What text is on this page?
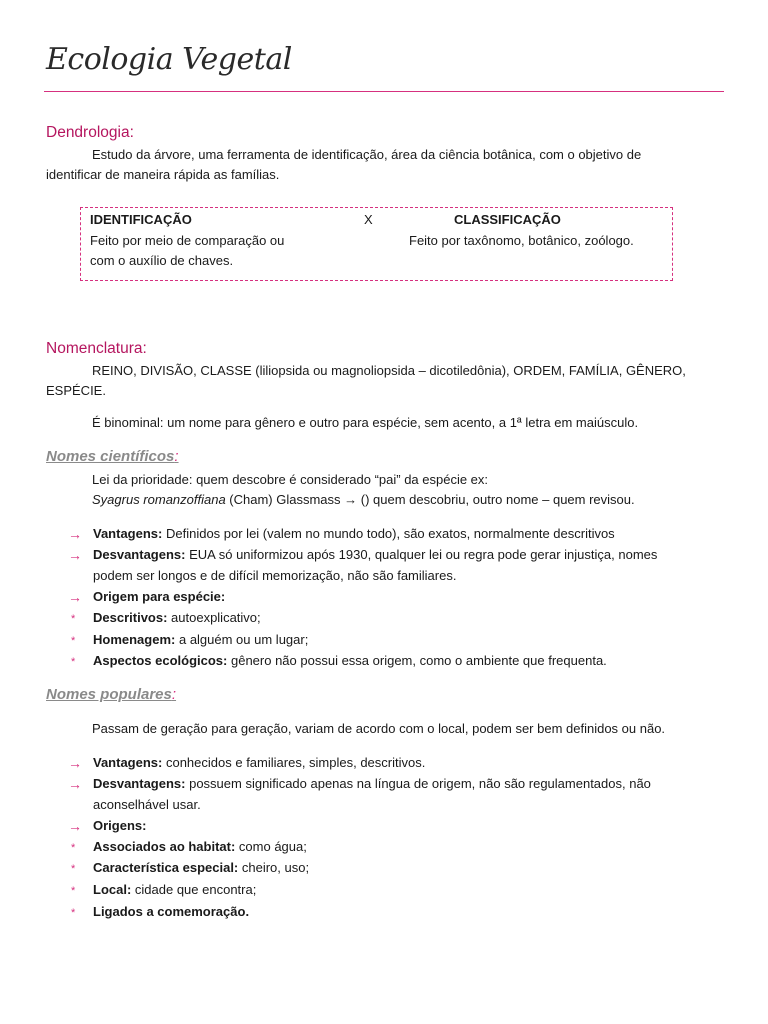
Ecologia Vegetal
Dendrologia:
Estudo da árvore, uma ferramenta de identificação, área da ciência botânica, com o objetivo de
identificar de maneira rápida as famílias.
IDENTIFICAÇÃO	X	CLASSIFICAÇÃO
Feito por meio de comparação ou
com o auxílio de chaves.
Feito por taxônomo, botânico, zoólogo.
Nomenclatura:
REINO, DIVISÃO, CLASSE (liliopsida ou magnoliopsida – dicotiledônia), ORDEM, FAMÍLIA, GÊNERO,
ESPÉCIE.
É binominal: um nome para gênero e outro para espécie, sem acento, a 1ª letra em maiúsculo.
Nomes científicos:
Lei da prioridade: quem descobre é considerado “pai” da espécie ex:
Syagrus romanzoffiana (Cham) Glassmass → () quem descobriu, outro nome – quem revisou.
→ Vantagens: Definidos por lei (valem no mundo todo), são exatos, normalmente descritivos
→ Desvantagens: EUA só uniformizou após 1930, qualquer lei ou regra pode gerar injustiça, nomes
podem ser longos e de difícil memorização, não são familiares.
→ Origem para espécie:
* Descritivos: autoexplicativo;
* Homenagem: a alguém ou um lugar;
* Aspectos ecológicos: gênero não possui essa origem, como o ambiente que frequenta.
Nomes populares:
Passam de geração para geração, variam de acordo com o local, podem ser bem definidos ou não.
→ Vantagens: conhecidos e familiares, simples, descritivos.
→ Desvantagens: possuem significado apenas na língua de origem, não são regulamentados, não
aconselhável usar.
→ Origens:
* Associados ao habitat: como água;
* Característica especial: cheiro, uso;
* Local: cidade que encontra;
* Ligados a comemoração.
